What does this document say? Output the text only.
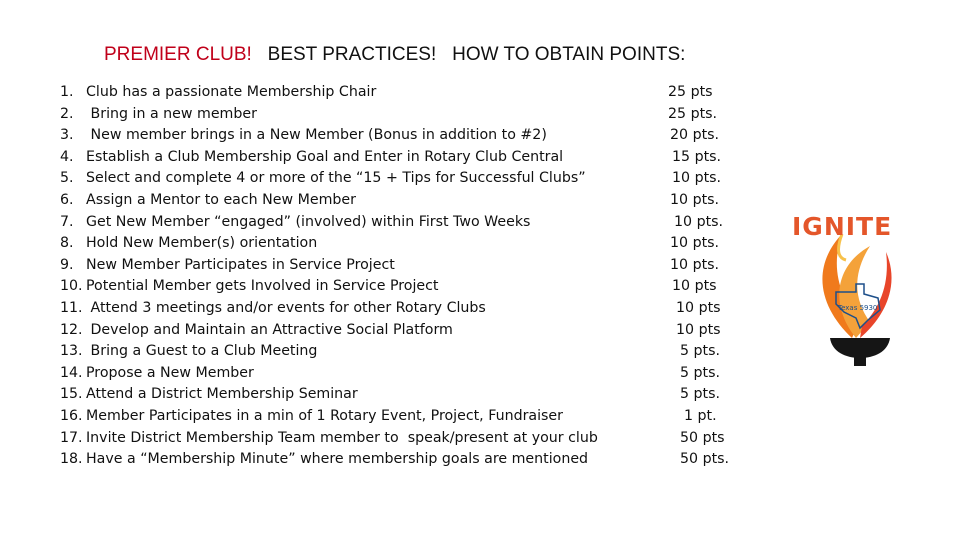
PREMIER CLUB! BEST PRACTICES! HOW TO OBTAIN POINTS:
1. Club has a passionate Membership Chair	25 pts
2. Bring in a new member	25 pts.
3. New member brings in a New Member (Bonus in addition to #2)	20 pts.
4. Establish a Club Membership Goal and Enter in Rotary Club Central	15 pts.
5. Select and complete 4 or more of the “15 + Tips for Successful Clubs”	10 pts.
6. Assign a Mentor to each New Member	10 pts.
7. Get New Member “engaged” (involved) within First Two Weeks	10 pts.
8. Hold New Member(s) orientation	10 pts.
9. New Member Participates in Service Project	10 pts.
10. Potential Member gets Involved in Service Project	10 pts
11. Attend 3 meetings and/or events for other Rotary Clubs	10 pts
12. Develop and Maintain an Attractive Social Platform	10 pts
13. Bring a Guest to a Club Meeting	5 pts.
14. Propose a New Member	5 pts.
15. Attend a District Membership Seminar	5 pts.
16. Member Participates in a min of 1 Rotary Event, Project, Fundraiser	1 pt.
17. Invite District Membership Team member to  speak/present at your club	50 pts
18. Have a “Membership Minute” where membership goals are mentioned	50 pts.
IGNITE
Texas 5930
